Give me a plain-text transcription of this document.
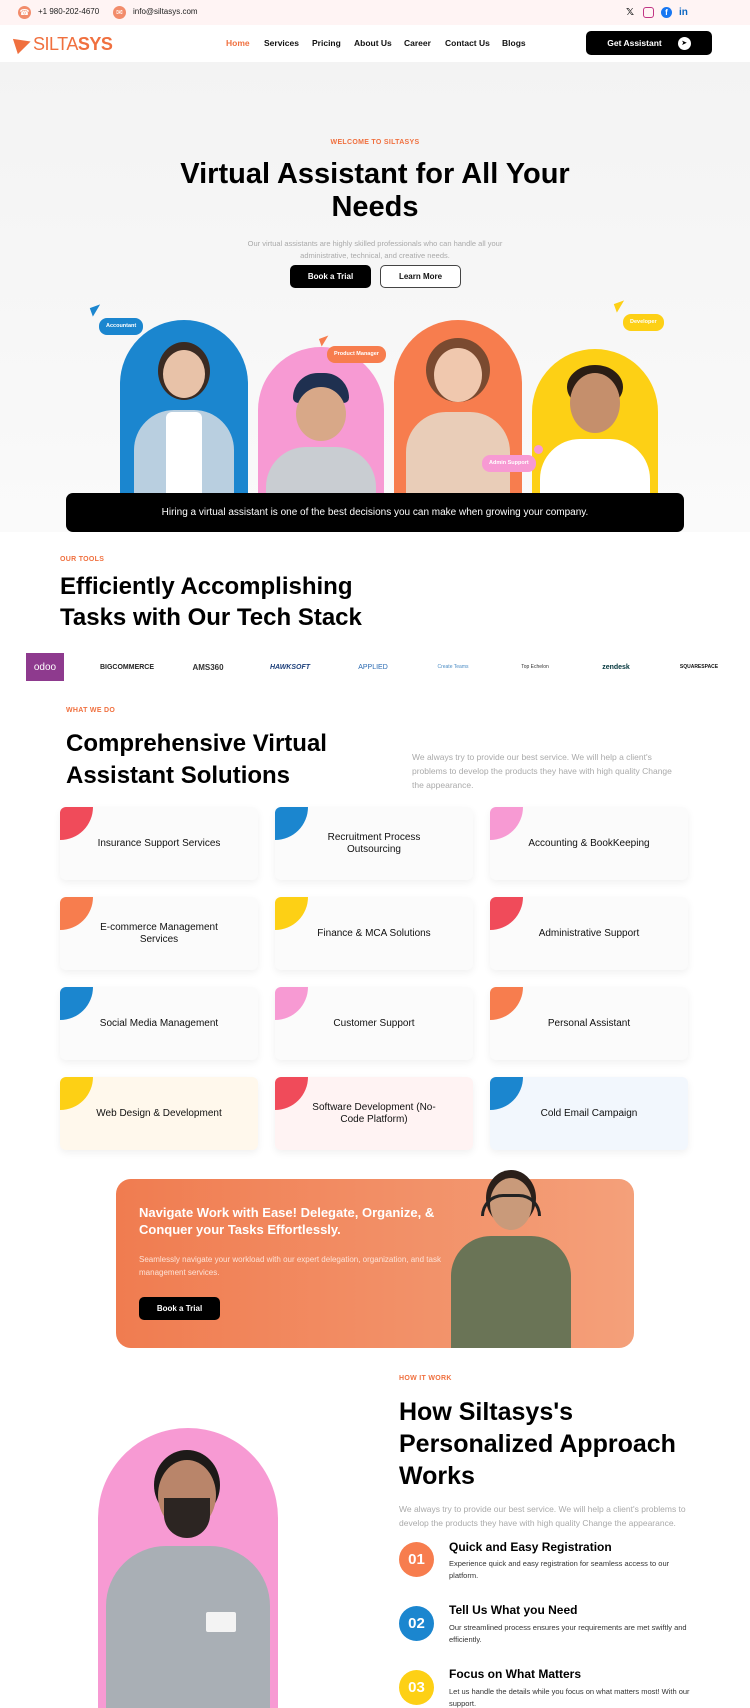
☎ +1 980-202-4670	✉	info@siltasys.com	𝕏	f	in
SILTA SYS	Home Services Pricing About Us Career Contact Us Blogs	Get Assistant	➤
WELCOME TO SILTASYS
Virtual Assistant for All Your Needs

Our virtual assistants are highly skilled professionals who can handle all your administrative, technical, and creative needs.

Book a Trial	Learn More
Accountant
Product Manager
Admin Support
Developer
Hiring a virtual assistant is one of the best decisions you can make when growing your company.
OUR TOOLS
Efficiently Accomplishing
Tasks with Our Tech Stack
odoo	BIGCOMMERCE	AMS360	HAWKSOFT	APPLIED	Create Teams	Top Echelon	zendesk	SQUARESPACE
WHAT WE DO
Comprehensive Virtual
Assistant Solutions

We always try to provide our best service. We will help a client's problems to develop the products they have with high quality Change the appearance.

Insurance Support Services
Recruitment Process Outsourcing
Accounting & BookKeeping
E-commerce Management Services
Finance & MCA Solutions	Administrative Support
Social Media Management	Customer Support	Personal Assistant
Web Design & Development
Software Development (No-Code Platform)
Cold Email Campaign
Navigate Work with Ease! Delegate, Organize, & Conquer your Tasks Effortlessly.

Seamlessly navigate your workload with our expert delegation, organization, and task management services.

Book a Trial
HOW IT WORK
How Siltasys's
Personalized Approach
Works

We always try to provide our best service. We will help a client's problems to develop the products they have with high quality Change the appearance.

01
Quick and Easy Registration
Experience quick and easy registration for seamless access to our platform.
02
Tell Us What you Need
Our streamlined process ensures your requirements are met swiftly and efficiently.
03
Focus on What Matters
Let us handle the details while you focus on what matters most! With our support.
